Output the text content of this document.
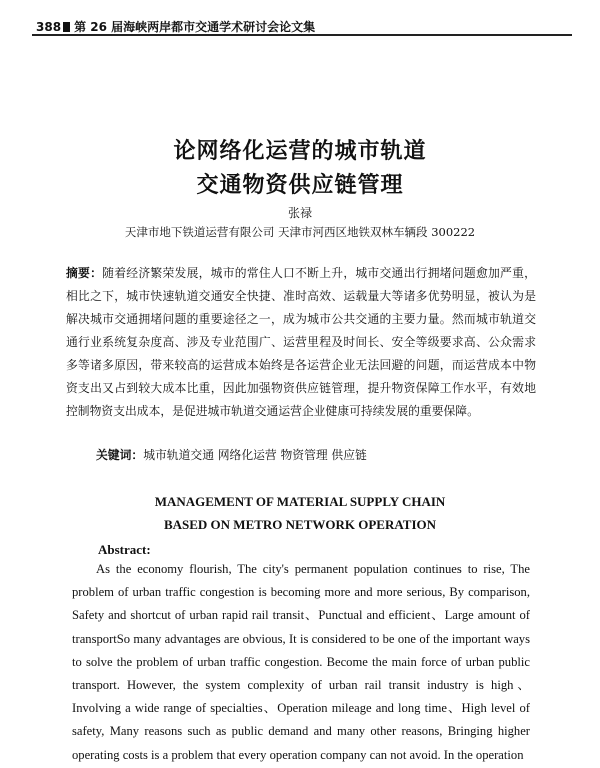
388 第 26 届海峡两岸都市交通学术研讨会论文集
论网络化运营的城市轨道
交通物资供应链管理
张禄
天津市地下铁道运营有限公司 天津市河西区地铁双林车辆段 300222
摘要：随着经济繁荣发展，城市的常住人口不断上升，城市交通出行拥堵问题愈加严重，相比之下，城市快速轨道交通安全快捷、准时高效、运载量大等诸多优势明显，被认为是解决城市交通拥堵问题的重要途径之一，成为城市公共交通的主要力量。然而城市轨道交通行业系统复杂度高、涉及专业范围广、运营里程及时间长、安全等级要求高、公众需求多等诸多原因，带来较高的运营成本始终是各运营企业无法回避的问题，而运营成本中物资支出又占到较大成本比重，因此加强物资供应链管理，提升物资保障工作水平，有效地控制物资支出成本，是促进城市轨道交通运营企业健康可持续发展的重要保障。
关键词：城市轨道交通 网络化运营 物资管理 供应链
MANAGEMENT OF MATERIAL SUPPLY CHAIN
BASED ON METRO NETWORK OPERATION
Abstract:
As the economy flourish, The city's permanent population continues to rise, The problem of urban traffic congestion is becoming more and more serious, By comparison, Safety and shortcut of urban rapid rail transit、Punctual and efficient、Large amount of transportSo many advantages are obvious, It is considered to be one of the important ways to solve the problem of urban traffic congestion. Become the main force of urban public transport. However, the system complexity of urban rail transit industry is high、Involving a wide range of specialties、Operation mileage and long time、High level of safety, Many reasons such as public demand and many other reasons, Bringing higher operating costs is a problem that every operation company can not avoid. In the operation
